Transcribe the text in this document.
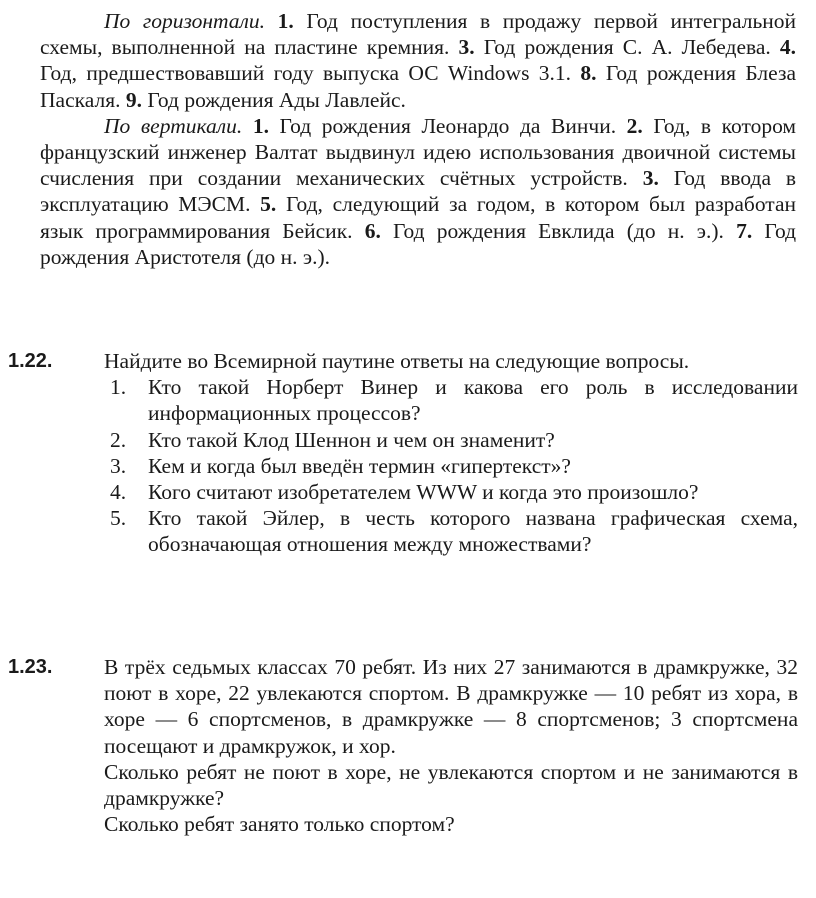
По горизонтали. 1. Год поступления в продажу первой интегральной схемы, выполненной на пластине кремния. 3. Год рождения С. А. Лебедева. 4. Год, предшествовавший году выпуска ОС Windows 3.1. 8. Год рождения Блеза Паскаля. 9. Год рождения Ады Лавлейс.

По вертикали. 1. Год рождения Леонардо да Винчи. 2. Год, в котором французский инженер Валтат выдвинул идею использования двоичной системы счисления при создании механических счётных устройств. 3. Год ввода в эксплуатацию МЭСМ. 5. Год, следующий за годом, в котором был разработан язык программирования Бейсик. 6. Год рождения Евклида (до н. э.). 7. Год рождения Аристотеля (до н. э.).

1.22. Найдите во Всемирной паутине ответы на следующие вопросы.

1. Кто такой Норберт Винер и какова его роль в исследовании информационных процессов?
2. Кто такой Клод Шеннон и чем он знаменит?
3. Кем и когда был введён термин «гипертекст»?
4. Кого считают изобретателем WWW и когда это произошло?
5. Кто такой Эйлер, в честь которого названа графическая схема, обозначающая отношения между множествами?
1.23. В трёх седьмых классах 70 ребят. Из них 27 занимаются в драмкружке, 32 поют в хоре, 22 увлекаются спортом. В драмкружке — 10 ребят из хора, в хоре — 6 спортсменов, в драмкружке — 8 спортсменов; 3 спортсмена посещают и драмкружок, и хор.

Сколько ребят не поют в хоре, не увлекаются спортом и не занимаются в драмкружке?

Сколько ребят занято только спортом?
